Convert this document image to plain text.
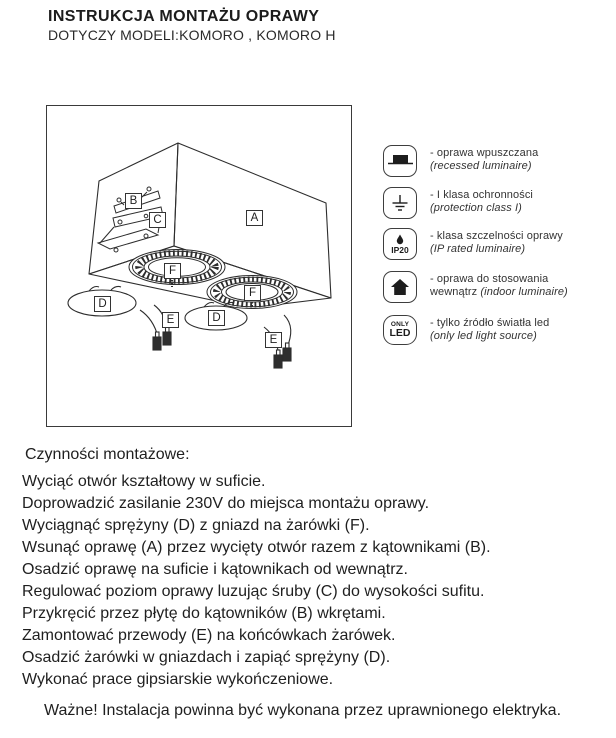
INSTRUKCJA MONTAŻU OPRAWY
DOTYCZY MODELI:KOMORO , KOMORO H
A
B
C
F
F
D
D
E
E
- oprawa wpuszczana
(recessed luminaire)
- I klasa ochronności
(protection class I)
IP20
- klasa szczelności oprawy
(IP rated luminaire)
- oprawa do stosowania
wewnątrz (indoor luminaire)
ONLY
LED
- tylko źródło światła led
(only led light source)
Czynności montażowe:
Wyciąć otwór kształtowy w suficie.
Doprowadzić zasilanie 230V do miejsca montażu oprawy.
Wyciągnąć sprężyny (D) z gniazd na żarówki (F).
Wsunąć oprawę (A) przez wycięty otwór razem z kątownikami (B).
Osadzić oprawę na suficie i kątownikach od wewnątrz.
Regulować poziom oprawy luzując śruby (C) do wysokości sufitu.
Przykręcić przez płytę do kątowników (B) wkrętami.
Zamontować przewody (E) na końcówkach żarówek.
Osadzić żarówki w gniazdach i zapiąć sprężyny (D).
Wykonać prace gipsiarskie wykończeniowe.
Ważne! Instalacja powinna być wykonana przez uprawnionego elektryka.
